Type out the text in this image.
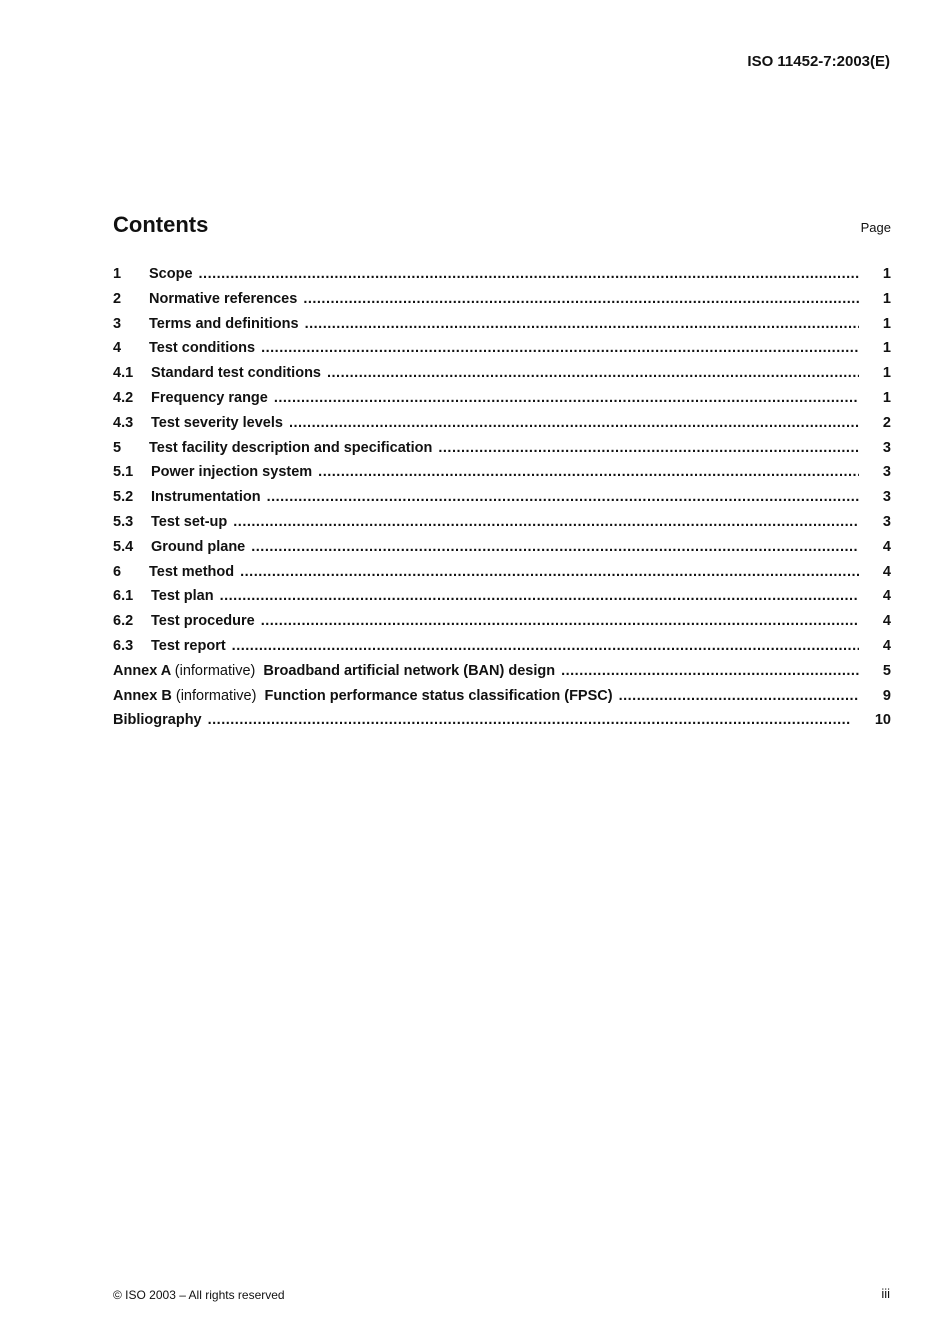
ISO 11452-7:2003(E)
Contents	Page
1	Scope .....	1
2	Normative references .....	1
3	Terms and definitions .....	1
4	Test conditions .....	1
4.1	Standard test conditions .....	1
4.2	Frequency range .....	1
4.3	Test severity levels .....	2
5	Test facility description and specification .....	3
5.1	Power injection system .....	3
5.2	Instrumentation .....	3
5.3	Test set-up .....	3
5.4	Ground plane .....	4
6	Test method .....	4
6.1	Test plan .....	4
6.2	Test procedure .....	4
6.3	Test report .....	4
Annex A (informative) Broadband artificial network (BAN) design .....	5
Annex B (informative) Function performance status classification (FPSC) .....	9
Bibliography .....	10
© ISO 2003 – All rights reserved	iii
